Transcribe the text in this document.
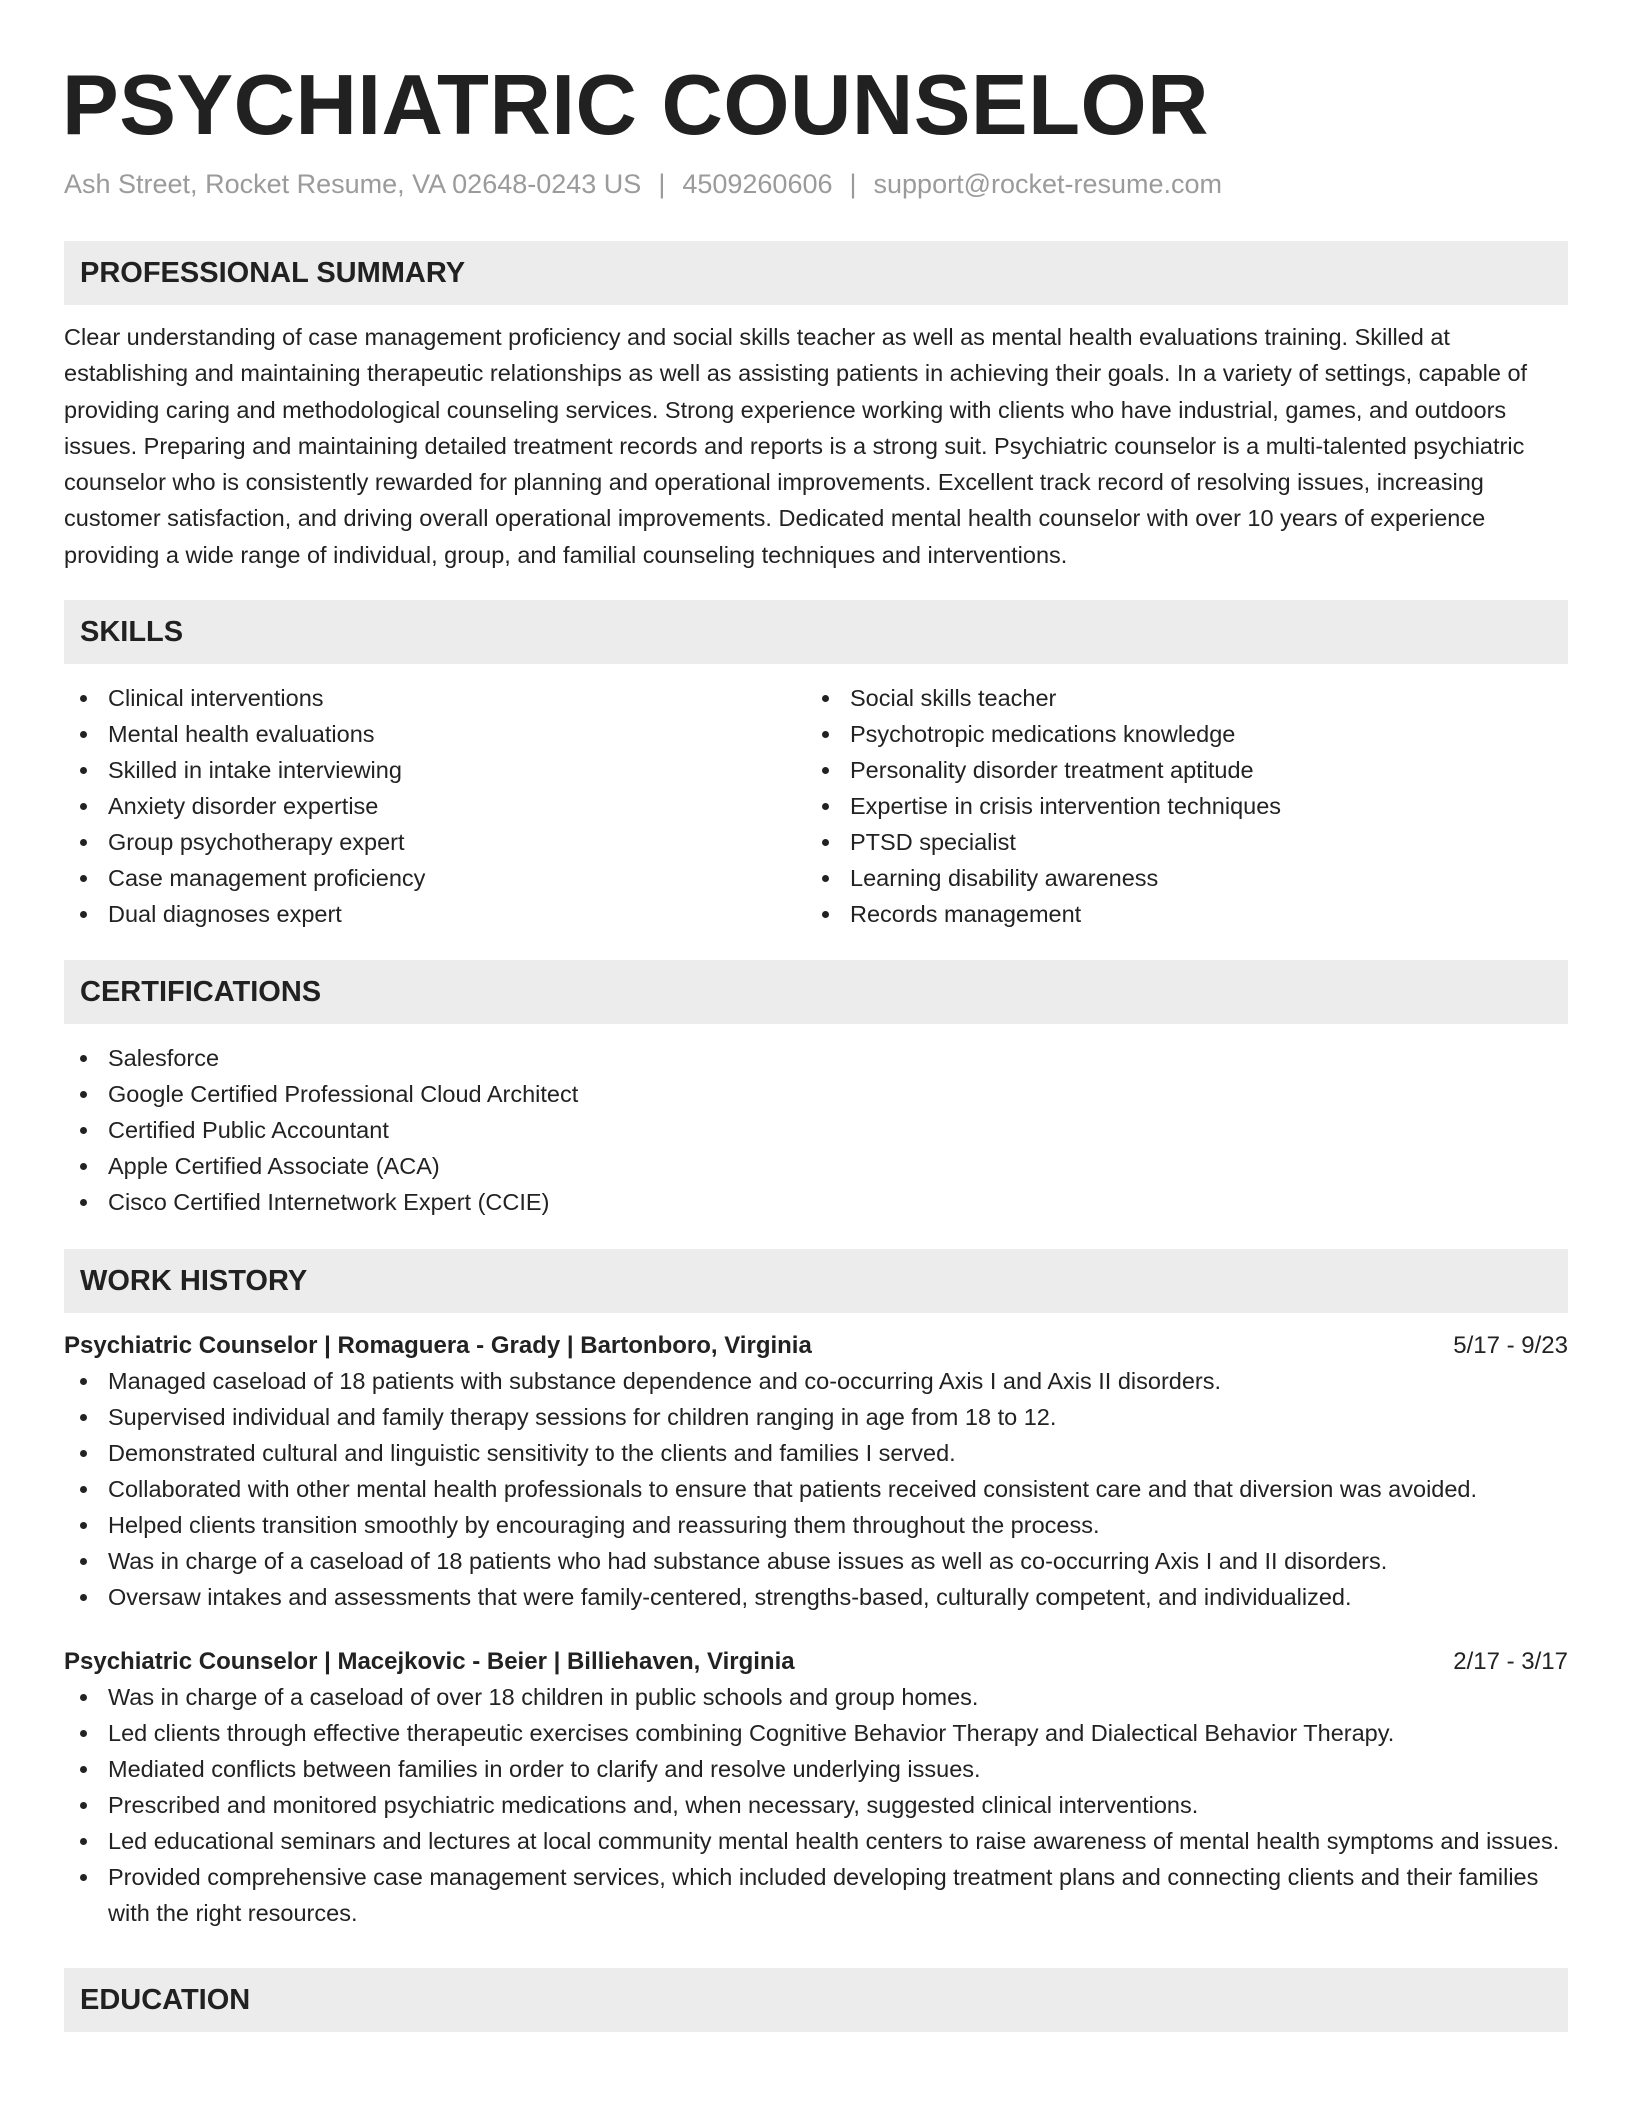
PSYCHIATRIC COUNSELOR
Ash Street, Rocket Resume, VA 02648-0243 US | 4509260606 | support@rocket-resume.com
PROFESSIONAL SUMMARY
Clear understanding of case management proficiency and social skills teacher as well as mental health evaluations training. Skilled at establishing and maintaining therapeutic relationships as well as assisting patients in achieving their goals. In a variety of settings, capable of providing caring and methodological counseling services. Strong experience working with clients who have industrial, games, and outdoors issues. Preparing and maintaining detailed treatment records and reports is a strong suit. Psychiatric counselor is a multi-talented psychiatric counselor who is consistently rewarded for planning and operational improvements. Excellent track record of resolving issues, increasing customer satisfaction, and driving overall operational improvements. Dedicated mental health counselor with over 10 years of experience providing a wide range of individual, group, and familial counseling techniques and interventions.
SKILLS
Clinical interventions
Mental health evaluations
Skilled in intake interviewing
Anxiety disorder expertise
Group psychotherapy expert
Case management proficiency
Dual diagnoses expert
Social skills teacher
Psychotropic medications knowledge
Personality disorder treatment aptitude
Expertise in crisis intervention techniques
PTSD specialist
Learning disability awareness
Records management
CERTIFICATIONS
Salesforce
Google Certified Professional Cloud Architect
Certified Public Accountant
Apple Certified Associate (ACA)
Cisco Certified Internetwork Expert (CCIE)
WORK HISTORY
Psychiatric Counselor | Romaguera - Grady | Bartonboro, Virginia	5/17 - 9/23
Managed caseload of 18 patients with substance dependence and co-occurring Axis I and Axis II disorders.
Supervised individual and family therapy sessions for children ranging in age from 18 to 12.
Demonstrated cultural and linguistic sensitivity to the clients and families I served.
Collaborated with other mental health professionals to ensure that patients received consistent care and that diversion was avoided.
Helped clients transition smoothly by encouraging and reassuring them throughout the process.
Was in charge of a caseload of 18 patients who had substance abuse issues as well as co-occurring Axis I and II disorders.
Oversaw intakes and assessments that were family-centered, strengths-based, culturally competent, and individualized.
Psychiatric Counselor | Macejkovic - Beier | Billiehaven, Virginia	2/17 - 3/17
Was in charge of a caseload of over 18 children in public schools and group homes.
Led clients through effective therapeutic exercises combining Cognitive Behavior Therapy and Dialectical Behavior Therapy.
Mediated conflicts between families in order to clarify and resolve underlying issues.
Prescribed and monitored psychiatric medications and, when necessary, suggested clinical interventions.
Led educational seminars and lectures at local community mental health centers to raise awareness of mental health symptoms and issues.
Provided comprehensive case management services, which included developing treatment plans and connecting clients and their families with the right resources.
EDUCATION
